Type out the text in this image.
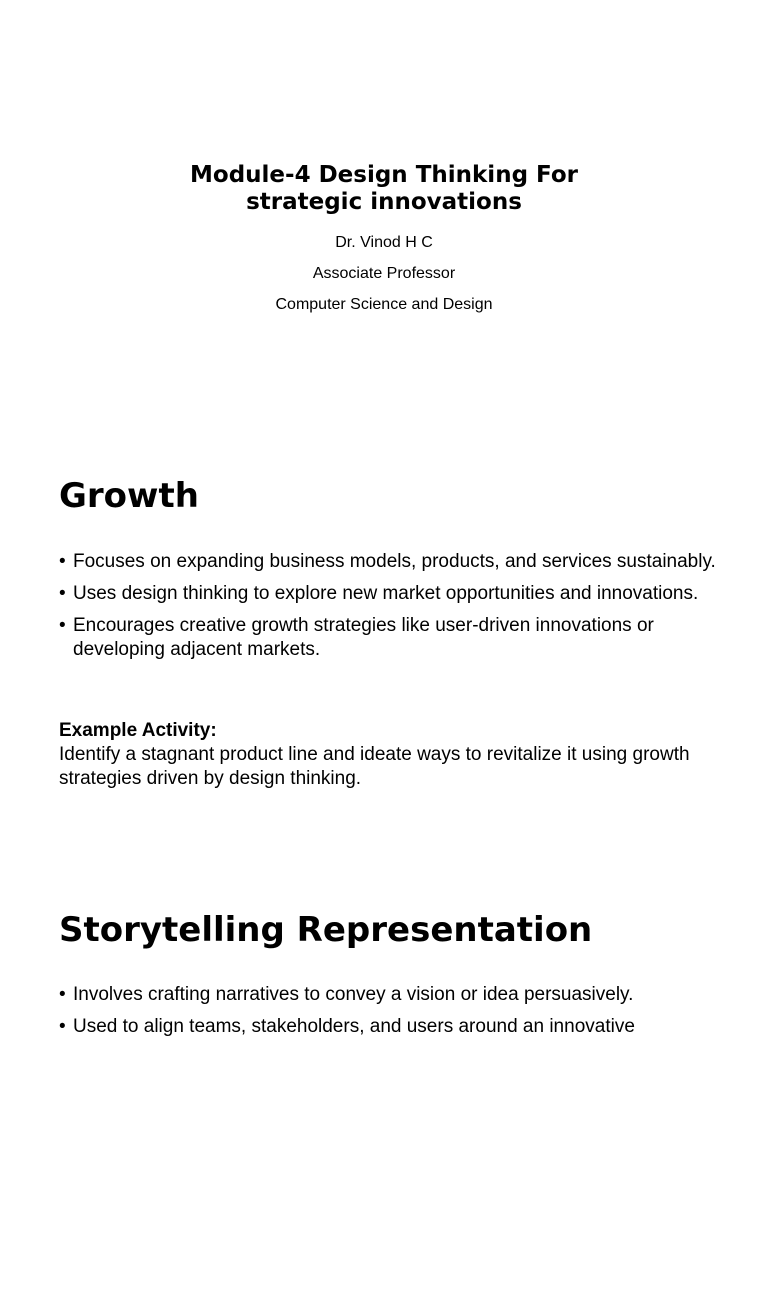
Module-4 Design Thinking For
strategic innovations
Dr. Vinod H C
Associate Professor
Computer Science and Design
Growth
• Focuses on expanding business models, products, and services sustainably.
• Uses design thinking to explore new market opportunities and innovations.
• Encourages creative growth strategies like user-driven innovations or developing adjacent markets.
Example Activity:
Identify a stagnant product line and ideate ways to revitalize it using growth strategies driven by design thinking.
Storytelling Representation
• Involves crafting narratives to convey a vision or idea persuasively.
• Used to align teams, stakeholders, and users around an innovative
